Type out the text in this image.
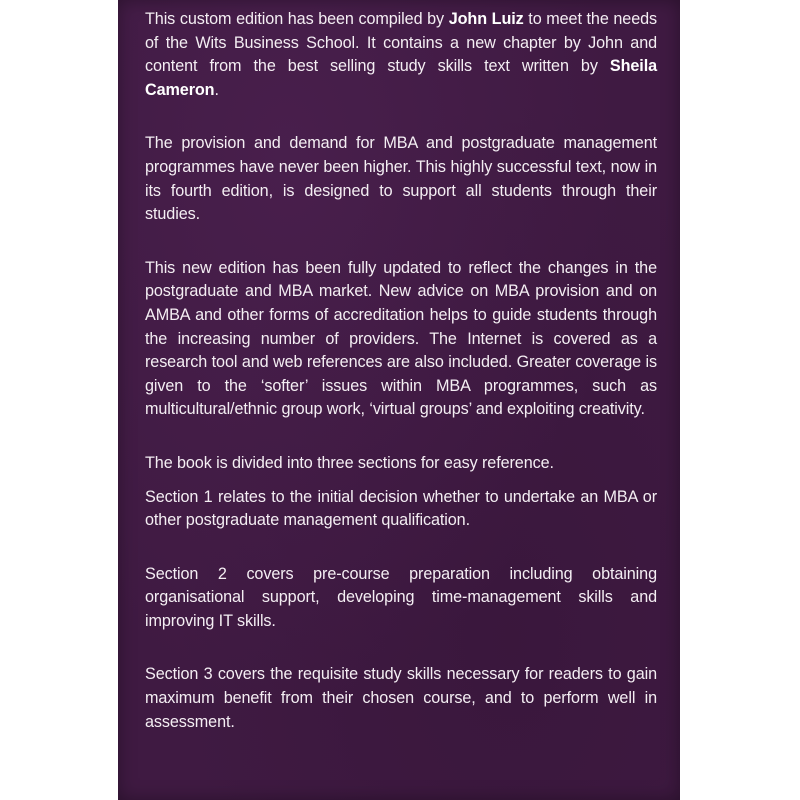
This custom edition has been compiled by John Luiz to meet the needs of the Wits Business School. It contains a new chapter by John and content from the best selling study skills text written by Sheila Cameron.

The provision and demand for MBA and postgraduate management programmes have never been higher. This highly successful text, now in its fourth edition, is designed to support all students through their studies.

This new edition has been fully updated to reflect the changes in the postgraduate and MBA market. New advice on MBA provision and on AMBA and other forms of accreditation helps to guide students through the increasing number of providers. The Internet is covered as a research tool and web references are also included. Greater coverage is given to the ‘softer’ issues within MBA programmes, such as multicultural/ethnic group work, ‘virtual groups’ and exploiting creativity.

The book is divided into three sections for easy reference.

Section 1 relates to the initial decision whether to undertake an MBA or other postgraduate management qualification.

Section 2 covers pre-course preparation including obtaining organisational support, developing time-management skills and improving IT skills.

Section 3 covers the requisite study skills necessary for readers to gain maximum benefit from their chosen course, and to perform well in assessment.
